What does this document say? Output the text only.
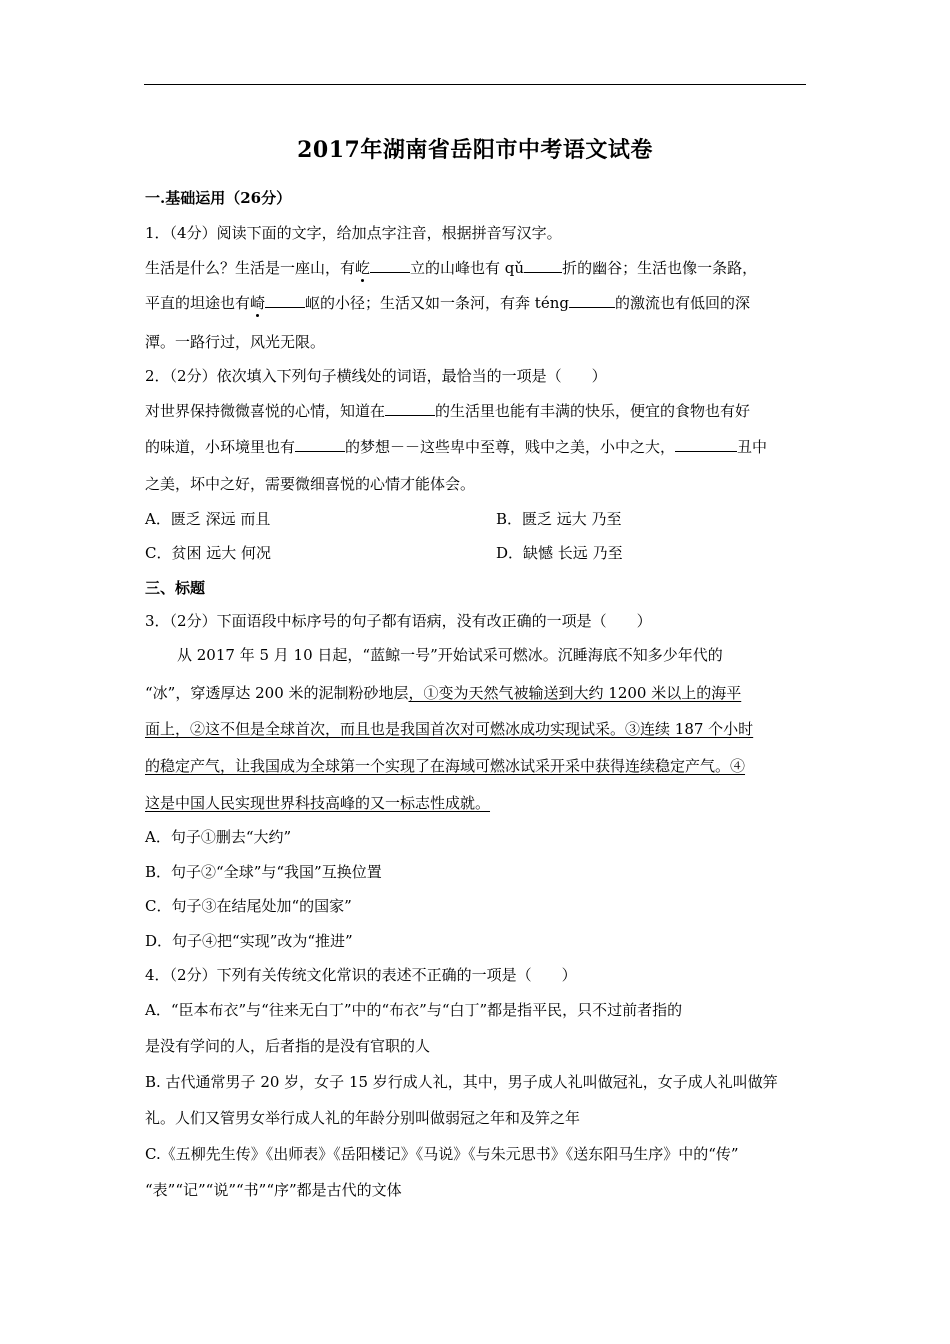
2017年湖南省岳阳市中考语文试卷
一.基础运用（26分）
1．（4分）阅读下面的文字，给加点字注音，根据拼音写汉字。
生活是什么？生活是一座山，有屹	立的山峰也有 qǔ	折的幽谷；生活也像一条路，
平直的坦途也有崎	岖的小径；生活又如一条河，有奔 téng	的激流也有低回的深
潭。一路行过，风光无限。
2．（2分）依次填入下列句子横线处的词语，最恰当的一项是（　　）
对世界保持微微喜悦的心情，知道在	的生活里也能有丰满的快乐，便宜的食物也有好
的味道，小环境里也有	的梦想－－这些卑中至尊，贱中之美，小中之大，	丑中
之美，坏中之好，需要微细喜悦的心情才能体会。
A．匮乏 深远 而且	B．匮乏 远大 乃至
C．贫困 远大 何况	D．缺憾 长远 乃至
三、标题
3．（2分）下面语段中标序号的句子都有语病，没有改正确的一项是（　　）
从 2017 年 5 月 10 日起，“蓝鲸一号”开始试采可燃冰。沉睡海底不知多少年代的
“冰”，穿透厚达 200 米的泥制粉砂地层，①变为天然气被输送到大约 1200 米以上的海平
面上，②这不但是全球首次，而且也是我国首次对可燃冰成功实现试采。③连续 187 个小时
的稳定产气，让我国成为全球第一个实现了在海域可燃冰试采开采中获得连续稳定产气。④
这是中国人民实现世界科技高峰的又一标志性成就。
A．句子①删去“大约”
B．句子②“全球”与“我国”互换位置
C．句子③在结尾处加“的国家”
D．句子④把“实现”改为“推进”
4．（2分）下列有关传统文化常识的表述不正确的一项是（　　）
A．“臣本布衣”与“往来无白丁”中的“布衣”与“白丁”都是指平民，只不过前者指的
是没有学问的人，后者指的是没有官职的人
B. 古代通常男子 20 岁，女子 15 岁行成人礼，其中，男子成人礼叫做冠礼，女子成人礼叫做笄
礼。人们又管男女举行成人礼的年龄分别叫做弱冠之年和及笄之年
C.《五柳先生传》《出师表》《岳阳楼记》《马说》《与朱元思书》《送东阳马生序》中的“传”
“表”“记”“说”“书”“序”都是古代的文体
